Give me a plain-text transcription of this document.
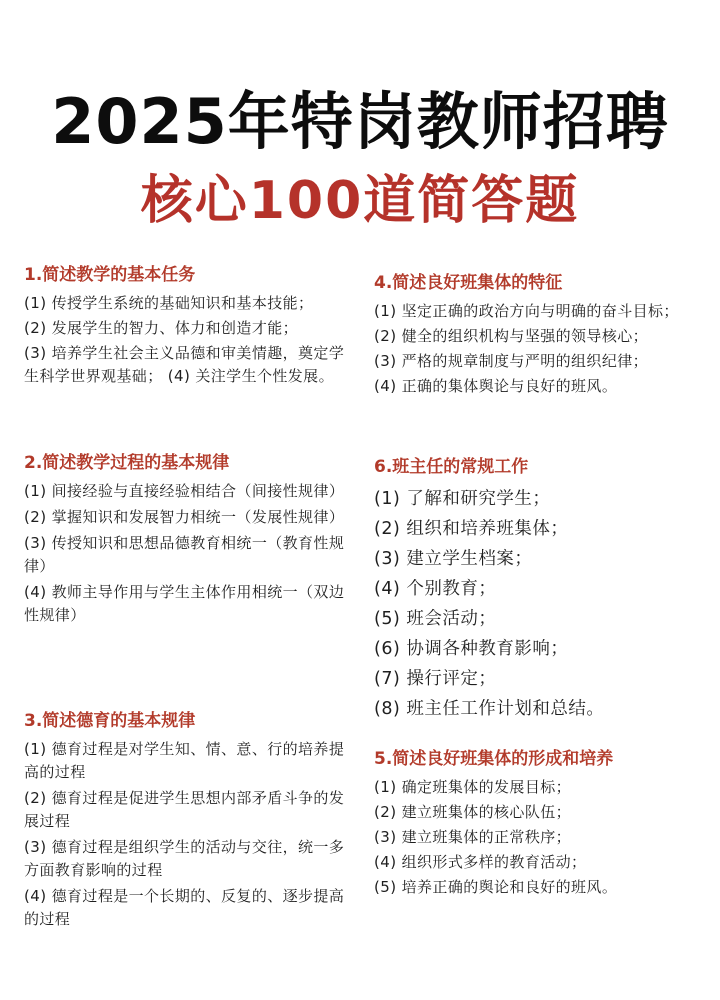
2025年特岗教师招聘
核心100道简答题
1.简述教学的基本任务
(1) 传授学生系统的基础知识和基本技能；
(2) 发展学生的智力、体力和创造才能；
(3) 培养学生社会主义品德和审美情趣，奠定学生科学世界观基础； (4) 关注学生个性发展。
2.简述教学过程的基本规律
(1) 间接经验与直接经验相结合（间接性规律）
(2) 掌握知识和发展智力相统一（发展性规律）
(3) 传授知识和思想品德教育相统一（教育性规律）
(4) 教师主导作用与学生主体作用相统一（双边性规律）
3.简述德育的基本规律
(1) 德育过程是对学生知、情、意、行的培养提高的过程
(2) 德育过程是促进学生思想内部矛盾斗争的发展过程
(3) 德育过程是组织学生的活动与交往，统一多方面教育影响的过程
(4) 德育过程是一个长期的、反复的、逐步提高的过程
4.简述良好班集体的特征
(1) 坚定正确的政治方向与明确的奋斗目标；
(2) 健全的组织机构与坚强的领导核心；
(3) 严格的规章制度与严明的组织纪律；
(4) 正确的集体舆论与良好的班风。
6.班主任的常规工作
(1) 了解和研究学生；
(2) 组织和培养班集体；
(3) 建立学生档案；
(4) 个别教育；
(5) 班会活动；
(6) 协调各种教育影响；
(7) 操行评定；
(8) 班主任工作计划和总结。
5.简述良好班集体的形成和培养
(1) 确定班集体的发展目标；
(2) 建立班集体的核心队伍；
(3) 建立班集体的正常秩序；
(4) 组织形式多样的教育活动；
(5) 培养正确的舆论和良好的班风。
